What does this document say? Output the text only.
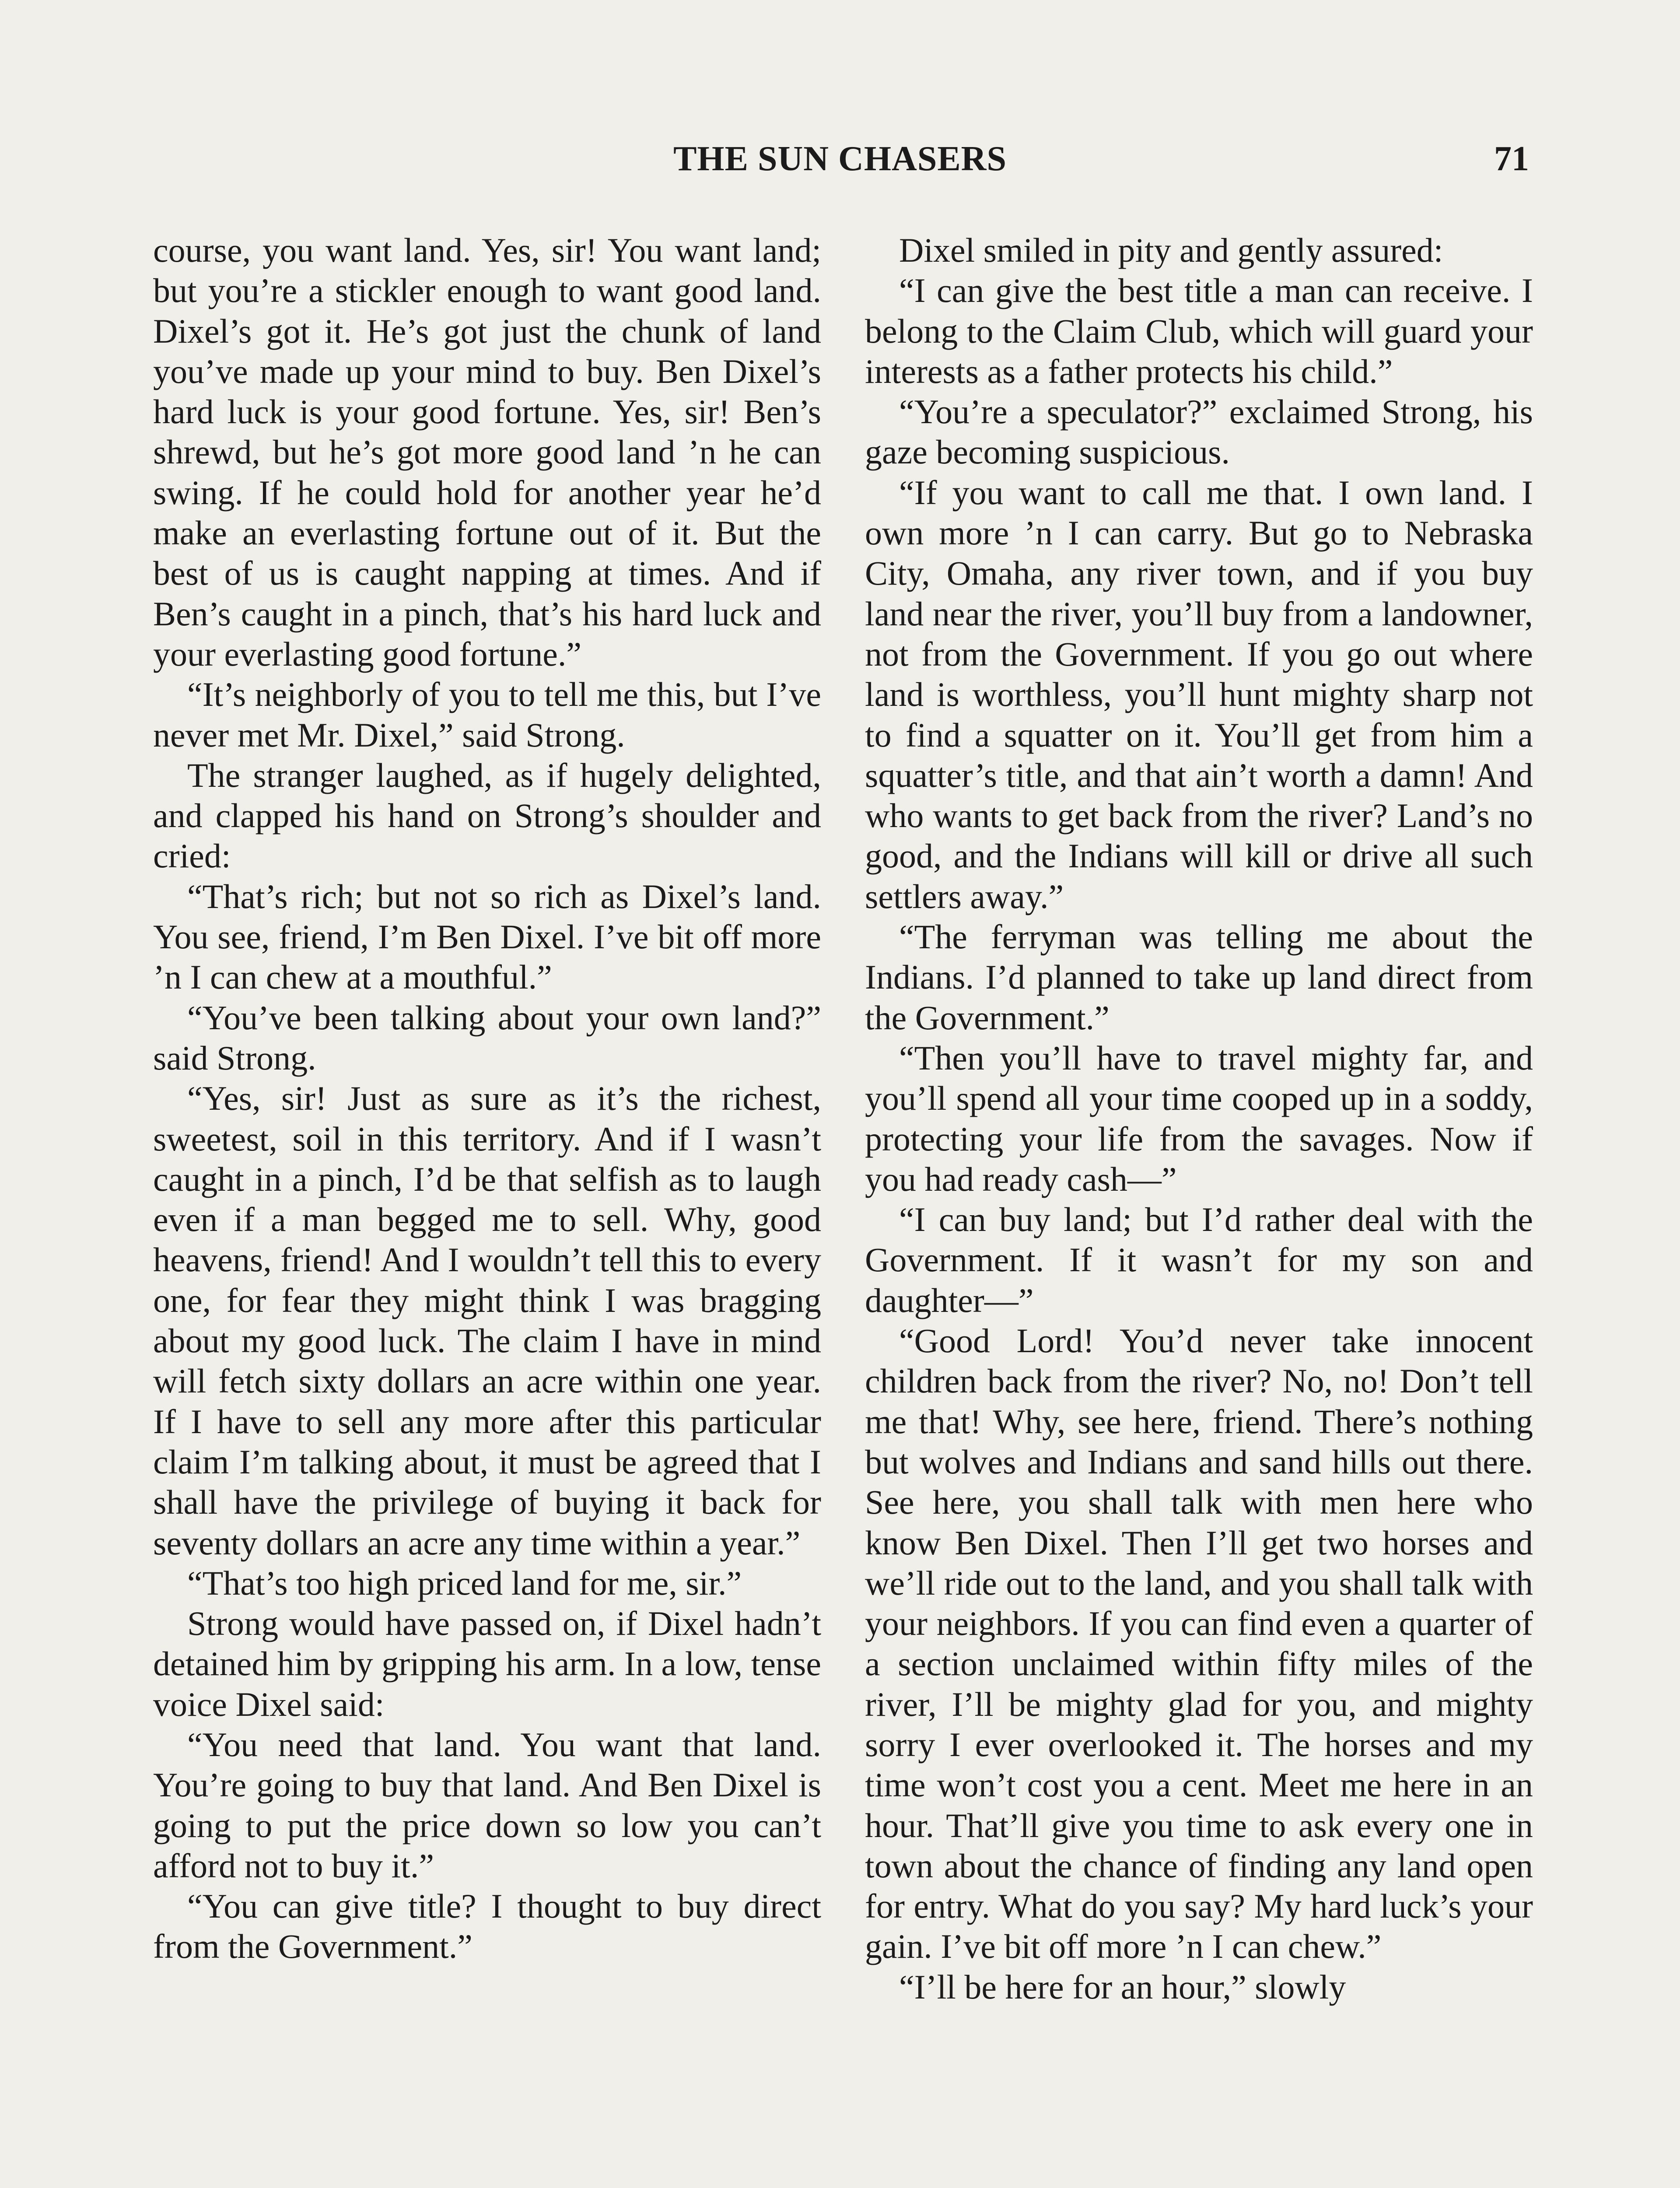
THE SUN CHASERS	71

course, you want land. Yes, sir! You want land; but you’re a stickler enough to want good land. Dixel’s got it. He’s got just the chunk of land you’ve made up your mind to buy. Ben Dixel’s hard luck is your good fortune. Yes, sir! Ben’s shrewd, but he’s got more good land ’n he can swing. If he could hold for another year he’d make an everlasting fortune out of it. But the best of us is caught napping at times. And if Ben’s caught in a pinch, that’s his hard luck and your everlasting good fortune.”

“It’s neighborly of you to tell me this, but I’ve never met Mr. Dixel,” said Strong.

The stranger laughed, as if hugely delighted, and clapped his hand on Strong’s shoulder and cried:

“That’s rich; but not so rich as Dixel’s land. You see, friend, I’m Ben Dixel. I’ve bit off more ’n I can chew at a mouthful.”

“You’ve been talking about your own land?” said Strong.

“Yes, sir! Just as sure as it’s the richest, sweetest, soil in this territory. And if I wasn’t caught in a pinch, I’d be that selfish as to laugh even if a man begged me to sell. Why, good heavens, friend! And I wouldn’t tell this to every one, for fear they might think I was bragging about my good luck. The claim I have in mind will fetch sixty dollars an acre within one year. If I have to sell any more after this particular claim I’m talking about, it must be agreed that I shall have the privilege of buying it back for seventy dollars an acre any time within a year.”

“That’s too high priced land for me, sir.”

Strong would have passed on, if Dixel hadn’t detained him by gripping his arm. In a low, tense voice Dixel said:

“You need that land. You want that land. You’re going to buy that land. And Ben Dixel is going to put the price down so low you can’t afford not to buy it.”

“You can give title? I thought to buy direct from the Government.”

Dixel smiled in pity and gently assured:

“I can give the best title a man can receive. I belong to the Claim Club, which will guard your interests as a father protects his child.”

“You’re a speculator?” exclaimed Strong, his gaze becoming suspicious.

“If you want to call me that. I own land. I own more ’n I can carry. But go to Nebraska City, Omaha, any river town, and if you buy land near the river, you’ll buy from a landowner, not from the Government. If you go out where land is worthless, you’ll hunt mighty sharp not to find a squatter on it. You’ll get from him a squatter’s title, and that ain’t worth a damn! And who wants to get back from the river? Land’s no good, and the Indians will kill or drive all such settlers away.”

“The ferryman was telling me about the Indians. I’d planned to take up land direct from the Government.”

“Then you’ll have to travel mighty far, and you’ll spend all your time cooped up in a soddy, protecting your life from the savages. Now if you had ready cash—”

“I can buy land; but I’d rather deal with the Government. If it wasn’t for my son and daughter—”

“Good Lord! You’d never take innocent children back from the river? No, no! Don’t tell me that! Why, see here, friend. There’s nothing but wolves and Indians and sand hills out there. See here, you shall talk with men here who know Ben Dixel. Then I’ll get two horses and we’ll ride out to the land, and you shall talk with your neighbors. If you can find even a quarter of a section unclaimed within fifty miles of the river, I’ll be mighty glad for you, and mighty sorry I ever overlooked it. The horses and my time won’t cost you a cent. Meet me here in an hour. That’ll give you time to ask every one in town about the chance of finding any land open for entry. What do you say? My hard luck’s your gain. I’ve bit off more ’n I can chew.”

“I’ll be here for an hour,” slowly
